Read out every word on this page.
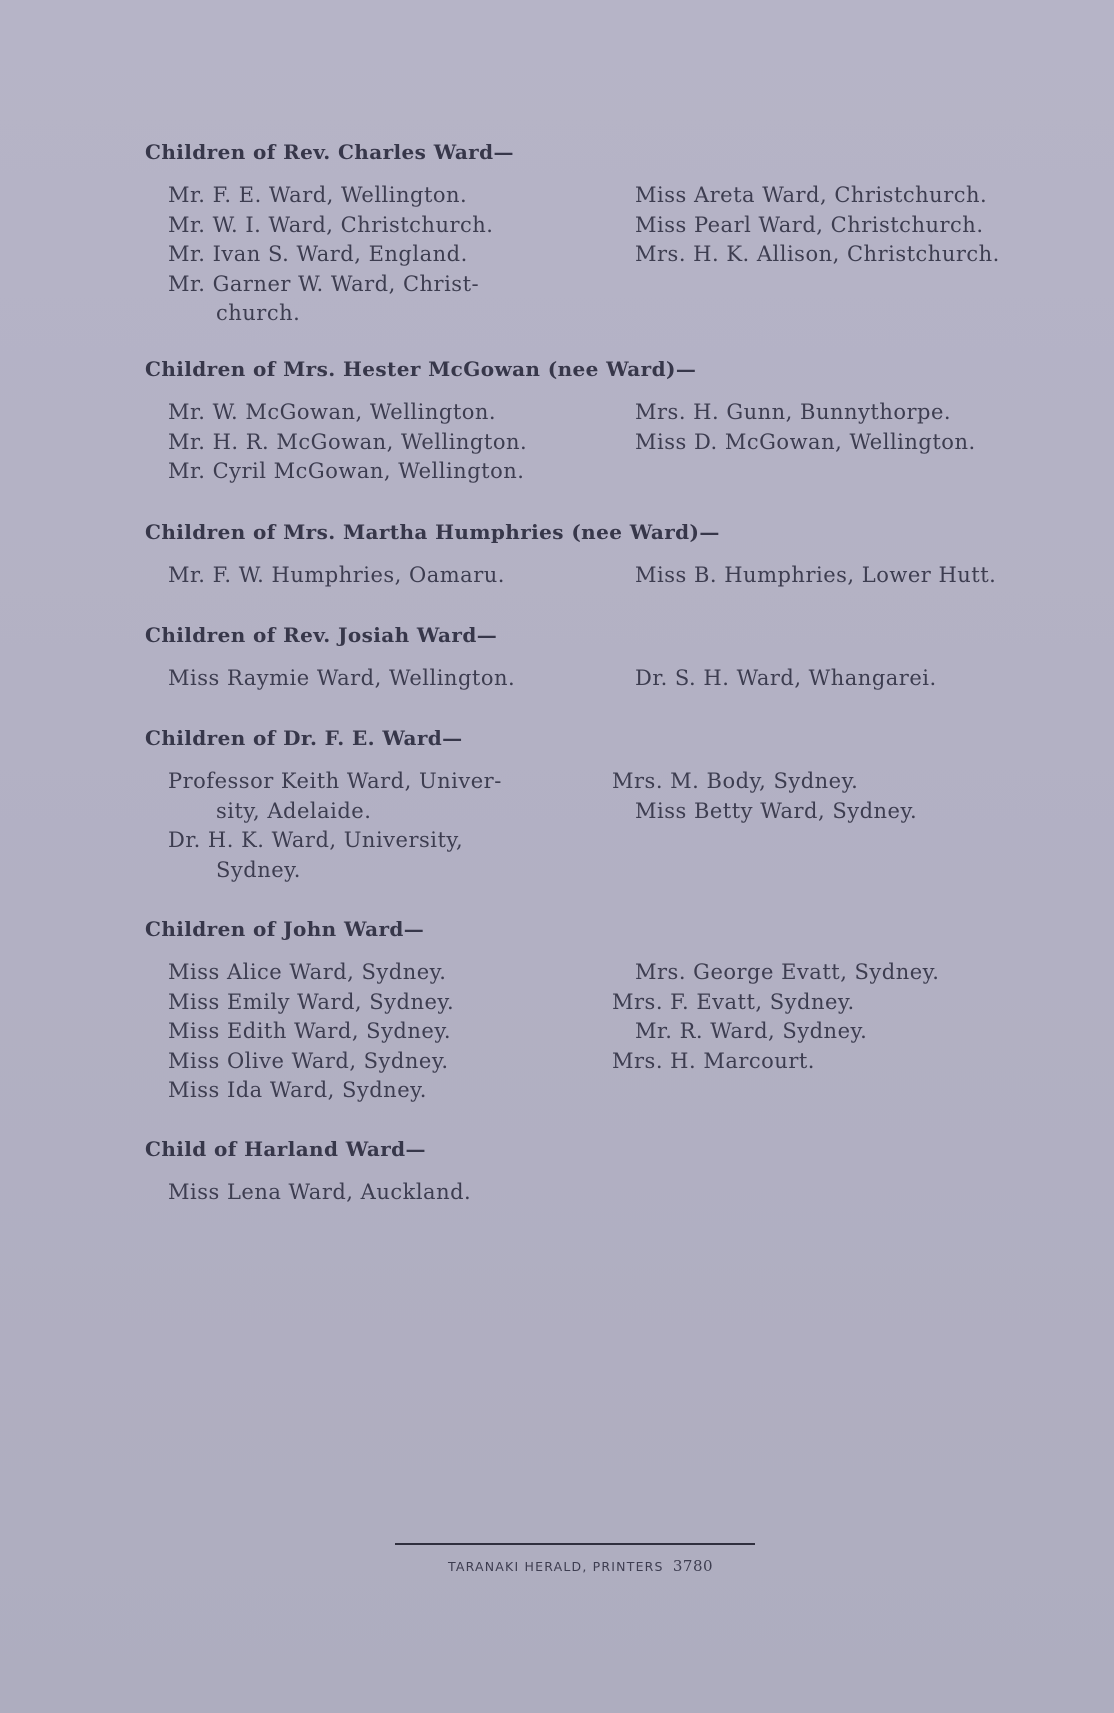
Children of Rev. Charles Ward—
Mr. F. E. Ward, Wellington.
Mr. W. I. Ward, Christchurch.
Mr. Ivan S. Ward, England.
Mr. Garner W. Ward, Christ-
church.
Miss Areta Ward, Christchurch.
Miss Pearl Ward, Christchurch.
Mrs. H. K. Allison, Christchurch.
Children of Mrs. Hester McGowan (nee Ward)—
Mr. W. McGowan, Wellington.
Mr. H. R. McGowan, Wellington.
Mr. Cyril McGowan, Wellington.
Mrs. H. Gunn, Bunnythorpe.
Miss D. McGowan, Wellington.
Children of Mrs. Martha Humphries (nee Ward)—
Mr. F. W. Humphries, Oamaru.	Miss B. Humphries, Lower Hutt.
Children of Rev. Josiah Ward—
Miss Raymie Ward, Wellington.	Dr. S. H. Ward, Whangarei.
Children of Dr. F. E. Ward—
Professor Keith Ward, Univer-
sity, Adelaide.
Dr. H. K. Ward, University,
Sydney.
Mrs. M. Body, Sydney.
Miss Betty Ward, Sydney.
Children of John Ward—
Miss Alice Ward, Sydney.
Miss Emily Ward, Sydney.
Miss Edith Ward, Sydney.
Miss Olive Ward, Sydney.
Miss Ida Ward, Sydney.
Mrs. George Evatt, Sydney.
Mrs. F. Evatt, Sydney.
Mr. R. Ward, Sydney.
Mrs. H. Marcourt.
Child of Harland Ward—
Miss Lena Ward, Auckland.
TARANAKI HERALD, PRINTERS 3780
